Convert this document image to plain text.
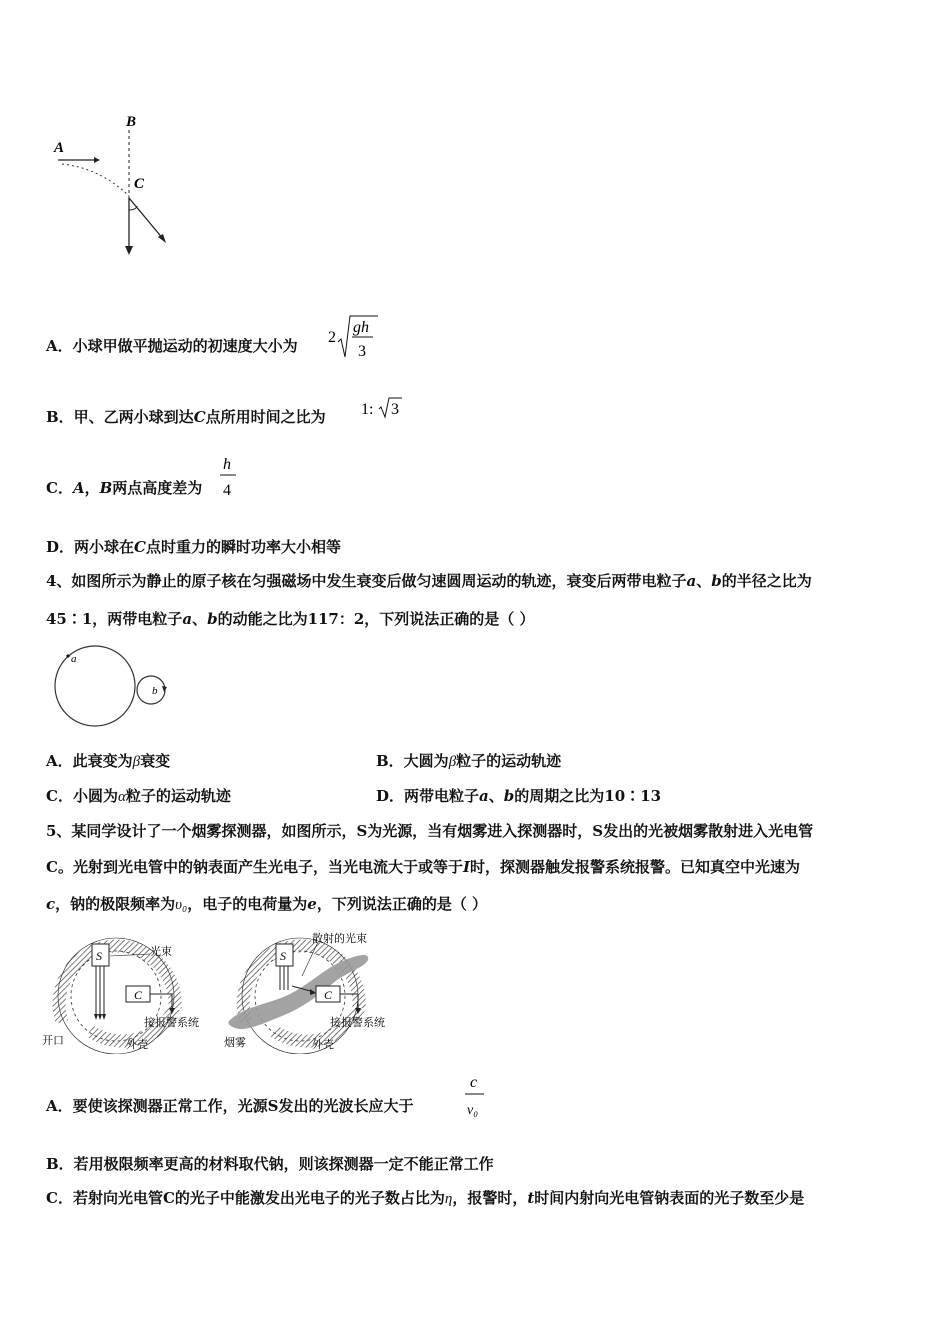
B
A
C
A．小球甲做平抛运动的初速度大小为 2
gh
3
B．甲、乙两小球到达C点所用时间之比为 1: 3
C．A，B两点高度差为
h
4
D．两小球在C点时重力的瞬时功率大小相等
4、如图所示为静止的原子核在匀强磁场中发生衰变后做匀速圆周运动的轨迹，衰变后两带电粒子a、b的半径之比为
45∶1，两带电粒子a、b的动能之比为117：2，下列说法正确的是（ ）
a
b
A．此衰变为β衰变	B．大圆为β粒子的运动轨迹
C．小圆为α粒子的运动轨迹	D．两带电粒子a、b的周期之比为10∶13
5、某同学设计了一个烟雾探测器，如图所示，S为光源，当有烟雾进入探测器时，S发出的光被烟雾散射进入光电管
C。光射到光电管中的钠表面产生光电子，当光电流大于或等于I时，探测器触发报警系统报警。已知真空中光速为
c，钠的极限频率为υ₀，电子的电荷量为e，下列说法正确的是（ ）
S
C
光束
接报警系统
开口	外壳
S
C
散射的光束
接报警系统
烟雾	外壳
A．要使该探测器正常工作，光源S发出的光波长应大于
c
v₀
B．若用极限频率更高的材料取代钠，则该探测器一定不能正常工作
C．若射向光电管C的光子中能激发出光电子的光子数占比为η，报警时，t时间内射向光电管钠表面的光子数至少是
